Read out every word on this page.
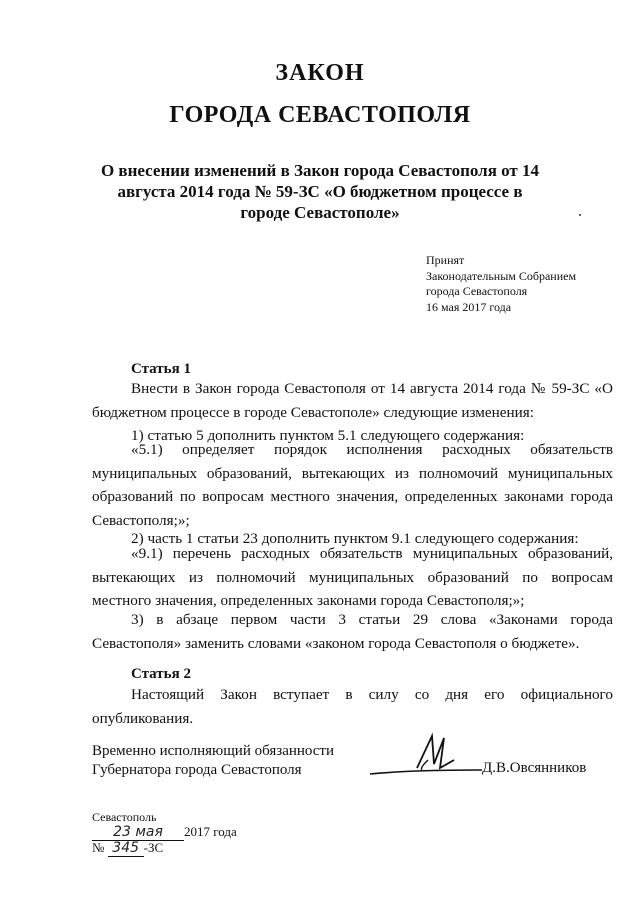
ЗАКОН
ГОРОДА СЕВАСТОПОЛЯ
О внесении изменений в Закон города Севастополя от 14 августа 2014 года № 59-ЗС «О бюджетном процессе в городе Севастополе»
Принят
Законодательным Собранием
города Севастополя
16 мая 2017 года
Статья 1

Внести в Закон города Севастополя от 14 августа 2014 года № 59-ЗС «О бюджетном процессе в городе Севастополе» следующие изменения:

1) статью 5 дополнить пунктом 5.1 следующего содержания:

«5.1) определяет порядок исполнения расходных обязательств муниципальных образований, вытекающих из полномочий муниципальных образований по вопросам местного значения, определенных законами города Севастополя;»;

2) часть 1 статьи 23 дополнить пунктом 9.1 следующего содержания:

«9.1) перечень расходных обязательств муниципальных образований, вытекающих из полномочий муниципальных образований по вопросам местного значения, определенных законами города Севастополя;»;

3) в абзаце первом части 3 статьи 29 слова «Законами города Севастополя» заменить словами «законом города Севастополя о бюджете».

Статья 2

Настоящий Закон вступает в силу со дня его официального опубликования.

Временно исполняющий обязанности
Губернатора города Севастополя	Д.В.Овсянников
Севастополь
23 мая 2017 года
№ 345 -ЗС
